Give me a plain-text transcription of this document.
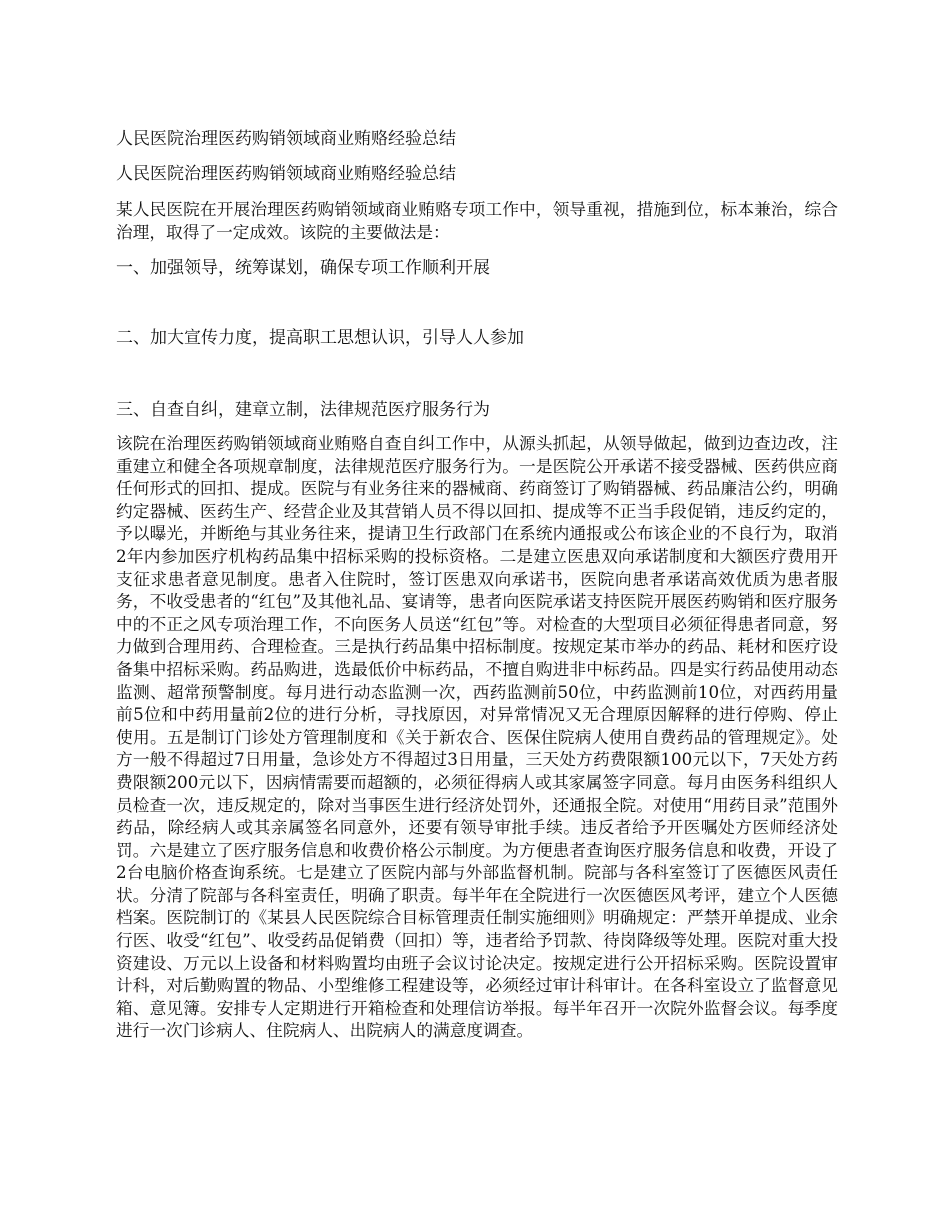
人民医院治理医药购销领域商业贿赂经验总结

人民医院治理医药购销领域商业贿赂经验总结

某人民医院在开展治理医药购销领域商业贿赂专项工作中，领导重视，措施到位，标本兼治，综合治理，取得了一定成效。该院的主要做法是：

一、加强领导，统筹谋划，确保专项工作顺利开展

二、加大宣传力度，提高职工思想认识，引导人人参加

三、自查自纠，建章立制，法律规范医疗服务行为

该院在治理医药购销领域商业贿赂自查自纠工作中，从源头抓起，从领导做起，做到边查边改，注重建立和健全各项规章制度，法律规范医疗服务行为。一是医院公开承诺不接受器械、医药供应商任何形式的回扣、提成。医院与有业务往来的器械商、药商签订了购销器械、药品廉洁公约，明确约定器械、医药生产、经营企业及其营销人员不得以回扣、提成等不正当手段促销，违反约定的，予以曝光，并断绝与其业务往来，提请卫生行政部门在系统内通报或公布该企业的不良行为，取消2年内参加医疗机构药品集中招标采购的投标资格。二是建立医患双向承诺制度和大额医疗费用开支征求患者意见制度。患者入住院时，签订医患双向承诺书，医院向患者承诺高效优质为患者服务，不收受患者的“红包”及其他礼品、宴请等，患者向医院承诺支持医院开展医药购销和医疗服务中的不正之风专项治理工作，不向医务人员送“红包”等。对检查的大型项目必须征得患者同意，努力做到合理用药、合理检查。三是执行药品集中招标制度。按规定某市举办的药品、耗材和医疗设备集中招标采购。药品购进，选最低价中标药品，不擅自购进非中标药品。四是实行药品使用动态监测、超常预警制度。每月进行动态监测一次，西药监测前50位，中药监测前10位，对西药用量前5位和中药用量前2位的进行分析，寻找原因，对异常情况又无合理原因解释的进行停购、停止使用。五是制订门诊处方管理制度和《关于新农合、医保住院病人使用自费药品的管理规定》。处方一般不得超过7日用量，急诊处方不得超过3日用量，三天处方药费限额100元以下，7天处方药费限额200元以下，因病情需要而超额的，必须征得病人或其家属签字同意。每月由医务科组织人员检查一次，违反规定的，除对当事医生进行经济处罚外，还通报全院。对使用“用药目录”范围外药品，除经病人或其亲属签名同意外，还要有领导审批手续。违反者给予开医嘱处方医师经济处罚。六是建立了医疗服务信息和收费价格公示制度。为方便患者查询医疗服务信息和收费，开设了2台电脑价格查询系统。七是建立了医院内部与外部监督机制。院部与各科室签订了医德医风责任状。分清了院部与各科室责任，明确了职责。每半年在全院进行一次医德医风考评，建立个人医德档案。医院制订的《某县人民医院综合目标管理责任制实施细则》明确规定：严禁开单提成、业余行医、收受“红包”、收受药品促销费（回扣）等，违者给予罚款、待岗降级等处理。医院对重大投资建设、万元以上设备和材料购置均由班子会议讨论决定。按规定进行公开招标采购。医院设置审计科，对后勤购置的物品、小型维修工程建设等，必须经过审计科审计。在各科室设立了监督意见箱、意见簿。安排专人定期进行开箱检查和处理信访举报。每半年召开一次院外监督会议。每季度进行一次门诊病人、住院病人、出院病人的满意度调查。
